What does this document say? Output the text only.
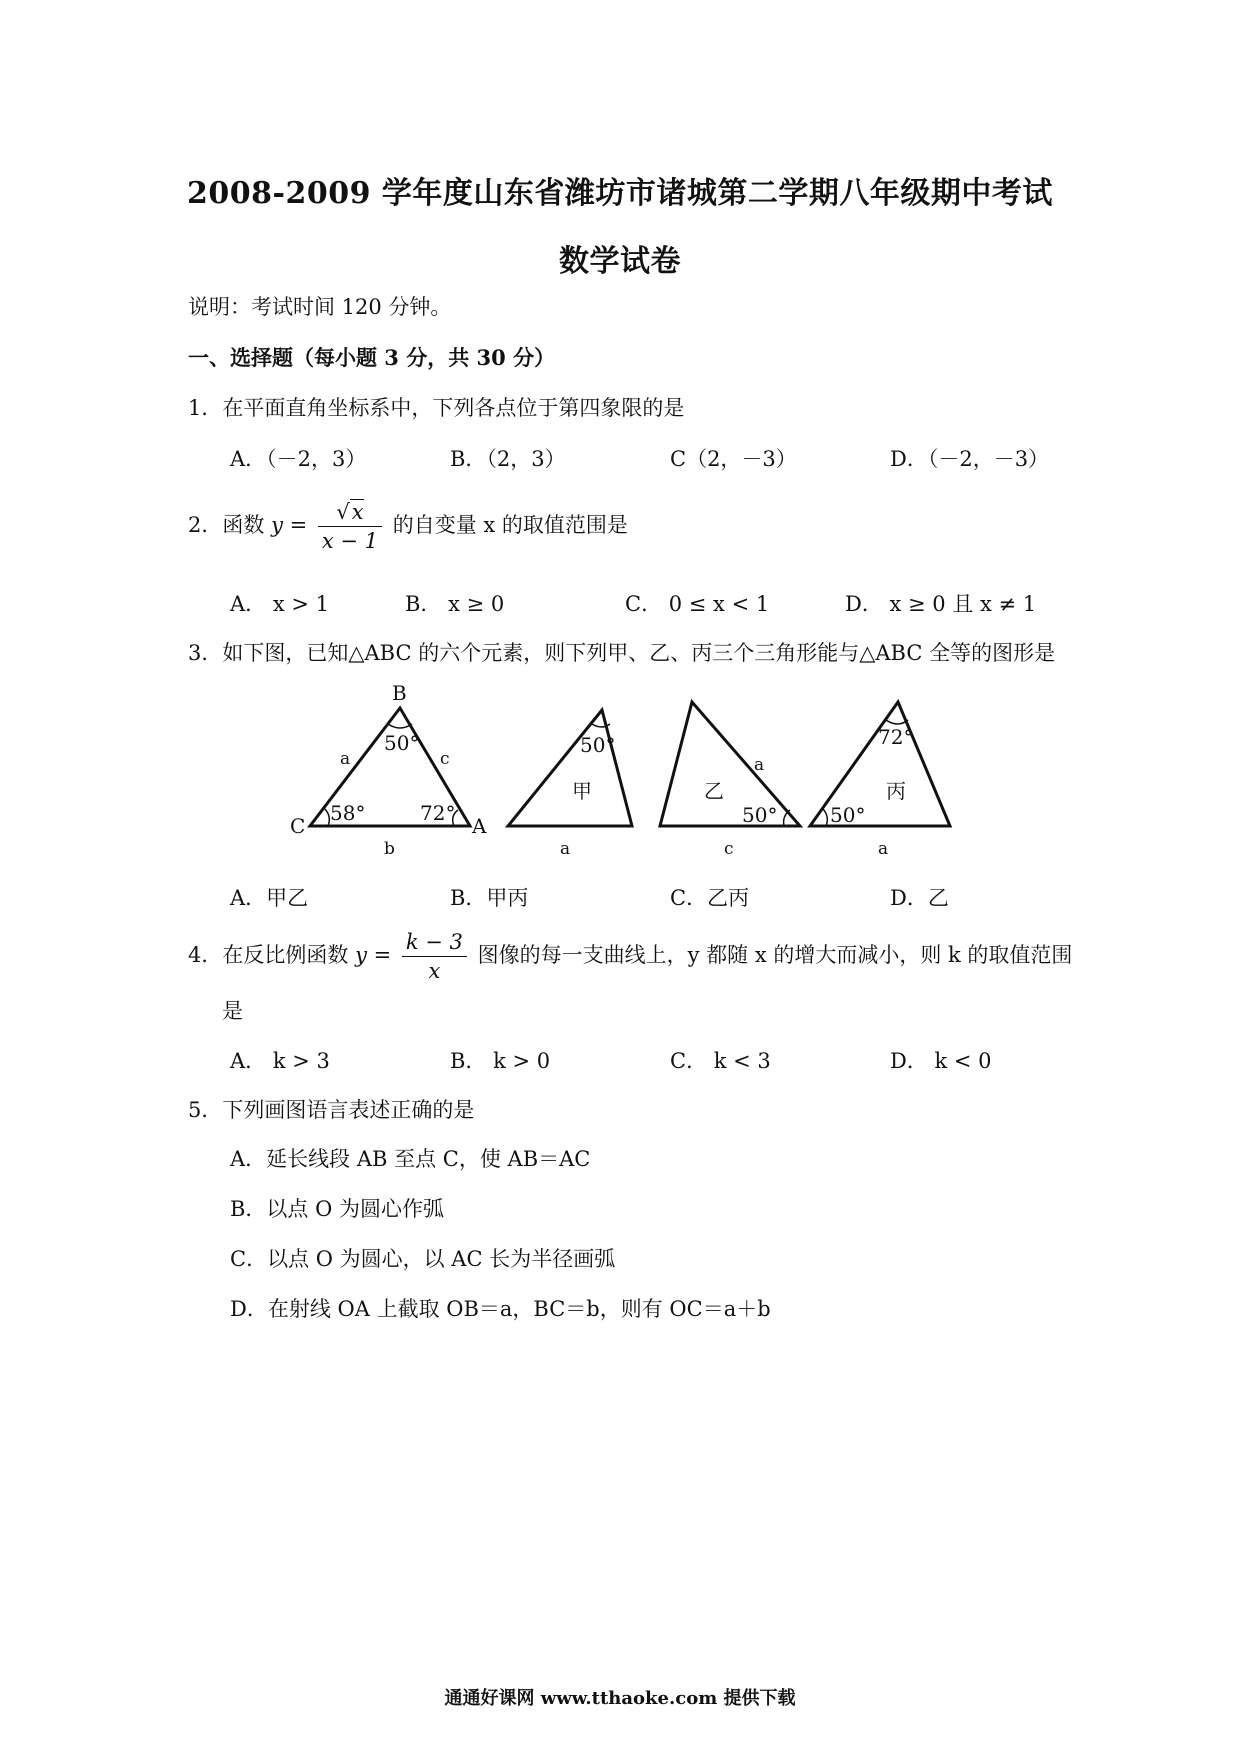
2008-2009 学年度山东省潍坊市诸城第二学期八年级期中考试
数学试卷
说明：考试时间 120 分钟。
一、选择题（每小题 3 分，共 30 分）
1．在平面直角坐标系中，下列各点位于第四象限的是
A．（－2，3）	B．（2，3）	C（2，－3）	D．（－2，－3）
2．函数 $y = \frac{√x}{x - 1}$ 的自变量 x 的取值范围是
A． x > 1	B． x ≥ 0	C． 0 ≤ x < 1	D． x ≥ 0 且 x ≠ 1
3．如下图，已知△ABC 的六个元素，则下列甲、乙、丙三个三角形能与△ABC 全等的图形是
B
C	A
a	c
b
50°
58°	72°
50°
甲
a
a
乙
50°
c
72°
丙
50°
a
A．甲乙	B．甲丙	C．乙丙	D．乙
4．在反比例函数 $y = \frac{k - 3}{x}$ 图像的每一支曲线上，y 都随 x 的增大而减小，则 k 的取值范围
是
A． k > 3	B． k > 0	C． k < 3	D． k < 0
5．下列画图语言表述正确的是
A．延长线段 AB 至点 C，使 AB＝AC
B．以点 O 为圆心作弧
C．以点 O 为圆心，以 AC 长为半径画弧
D．在射线 OA 上截取 OB＝a，BC＝b，则有 OC＝a＋b
通通好课网 www.tthaoke.com 提供下载
